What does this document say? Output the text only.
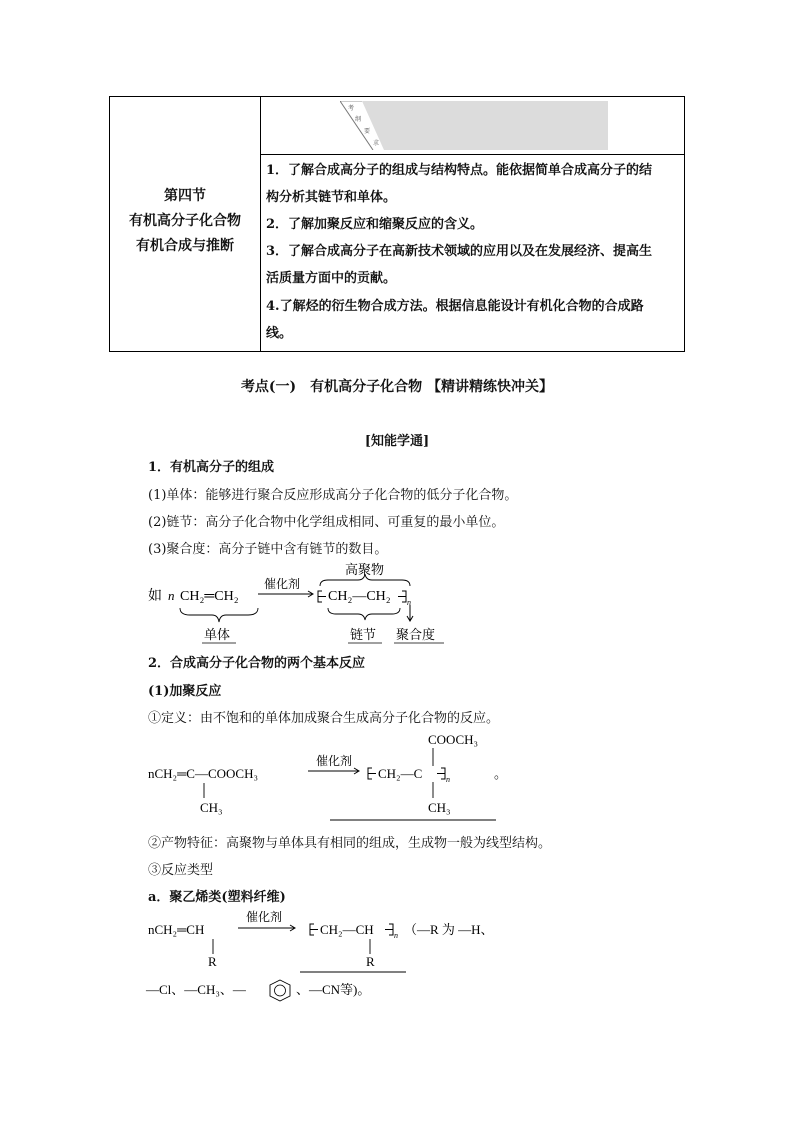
第四节
有机高分子化合物
有机合成与推断
考
纲
要
求
1．了解合成高分子的组成与结构特点。能依据简单合成高分子的结
构分析其链节和单体。
2．了解加聚反应和缩聚反应的含义。
3．了解合成高分子在高新技术领域的应用以及在发展经济、提高生
活质量方面中的贡献。
4.了解烃的衍生物合成方法。根据信息能设计有机化合物的合成路
线。
考点(一)　有机高分子化合物 【精讲精练快冲关】
[知能学通]
1．有机高分子的组成
(1)单体：能够进行聚合反应形成高分子化合物的低分子化合物。
(2)链节：高分子化合物中化学组成相同、可重复的最小单位。
(3)聚合度：高分子链中含有链节的数目。
如 n CH₂═CH₂
催化剂
CH₂—CH₂ n
高聚物
单体	链节 聚合度
2．合成高分子化合物的两个基本反应
(1)加聚反应
①定义：由不饱和的单体加成聚合生成高分子化合物的反应。
nCH₂═C—COOCH₃
CH₃
催化剂
CH₂—C
COOCH₃
CH₃
n	。
②产物特征：高聚物与单体具有相同的组成，生成物一般为线型结构。
③反应类型
a．聚乙烯类(塑料纤维)
nCH₂═CH
R
催化剂
CH₂—CH
R
n （—R 为 —H、
—Cl、—CH₃、—	、—CN等)。
